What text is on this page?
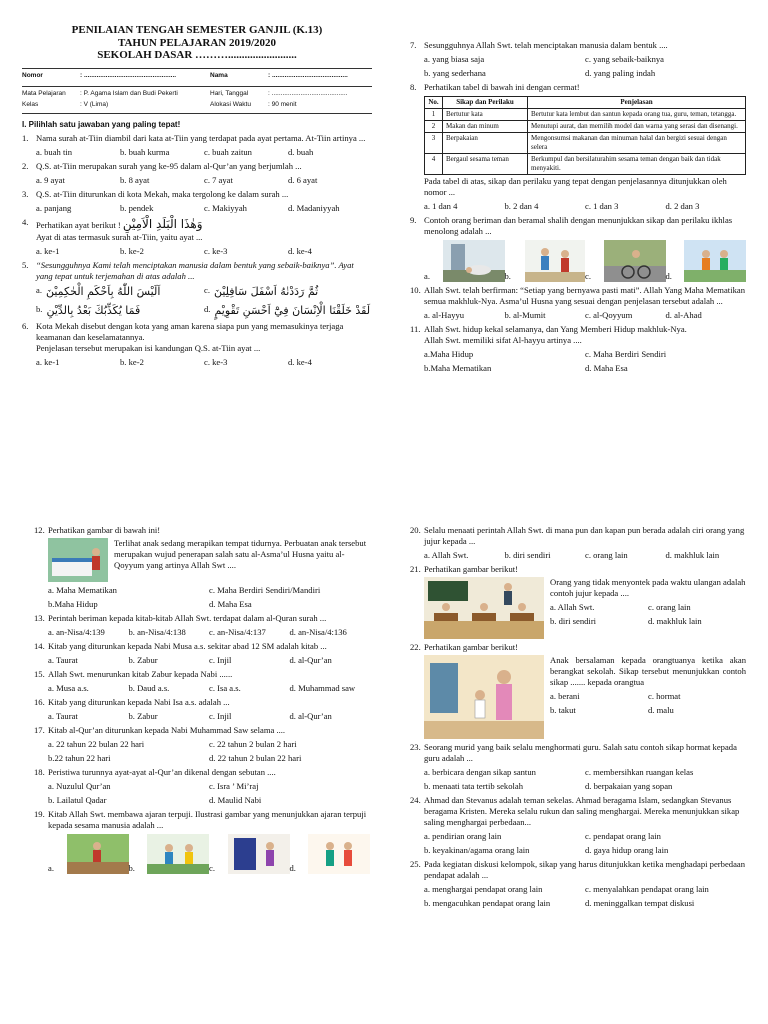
PENILAIAN TENGAH SEMESTER GANJIL (K.13)
TAHUN PELAJARAN 2019/2020
SEKOLAH DASAR ……….........................
Nomor	: ...................................................	Nama	: ..........................................
Mata Pelajaran	: P. Agama Islam dan Budi Pekerti	Hari, Tanggal	: ..........................................
Kelas	: V (Lima)	Alokasi Waktu	: 90 menit
I. Pilihlah satu jawaban yang paling tepat!
1. Nama surah at-Tiin diambil dari kata at-Tiin yang terdapat pada ayat pertama. At-Tiin artinya ...
a. buah tin	b. buah kurma	c. buah zaitun	d. buah
2. Q.S. at-Tiin merupakan surah yang ke-95 dalam al-Qur’an yang berjumlah ...
a. 9 ayat	b. 8 ayat	c. 7 ayat	d. 6 ayat
3. Q.S. at-Tiin diturunkan di kota Mekah, maka tergolong ke dalam surah ...
a. panjang	b. pendek	c. Makiyyah	d. Madaniyyah
4. Perhatikan ayat berikut ! وَهٰذَا الْبَلَدِ الْاَمِيْنِ
Ayat di atas termasuk surah at-Tiin, yaitu ayat ...
a. ke-1	b. ke-2	c. ke-3	d. ke-4
5. “Sesungguhnya Kami telah menciptakan manusia dalam bentuk yang sebaik-baiknya”. Ayat yang tepat untuk terjemahan di atas adalah ...
a. اَلَيْسَ اللّٰهُ بِاَحْكَمِ الْحٰكِمِيْنَ	c. ثُمَّ رَدَدْنٰهُ اَسْفَلَ سَافِلِيْنَ
b. فَمَا يُكَذِّبُكَ بَعْدُ بِالدِّيْنِ	d. لَقَدْ خَلَقْنَا الْاِنْسَانَ فِيْٓ اَحْسَنِ تَقْوِيْمٍ
6. Kota Mekah disebut dengan kota yang aman karena siapa pun yang memasukinya terjaga keamanan dan keselamatannya.
Penjelasan tersebut merupakan isi kandungan Q.S. at-Tiin ayat ...
a. ke-1	b. ke-2	c. ke-3	d. ke-4
7. Sesungguhnya Allah Swt. telah menciptakan manusia dalam bentuk ....
a. yang biasa saja	c. yang sebaik-baiknya
b. yang sederhana	d. yang paling indah
8. Perhatikan tabel di bawah ini dengan cermat!
No.	Sikap dan Perilaku	Penjelasan
1	Bertutur kata	Bertutur kata lembut dan santun kepada orang tua, guru, teman, tetangga.
2	Makan dan minum	Menutupi aurat, dan memilih model dan warna yang serasi dan disenangi.
3	Berpakaian	Mengonsumsi makanan dan minuman halal dan bergizi sesuai dengan selera
4	Bergaul sesama teman	Berkumpul dan bersilaturahim sesama teman dengan baik dan tidak menyakiti.
Pada tabel di atas, sikap dan perilaku yang tepat dengan penjelasannya ditunjukkan oleh nomor ...
a. 1 dan 4	b. 2 dan 4	c. 1 dan 3	d. 2 dan 3
9. Contoh orang beriman dan beramal shalih dengan menunjukkan sikap dan perilaku ikhlas menolong adalah ...
a.	b.	c.	d.
10. Allah Swt. telah berfirman: “Setiap yang bernyawa pasti mati”. Allah Yang Maha Mematikan semua makhluk-Nya. Asma’ul Husna yang sesuai dengan penjelasan tersebut adalah ...
a. al-Hayyu	b. al-Mumit	c. al-Qoyyum	d. al-Ahad
11. Allah Swt. hidup kekal selamanya, dan Yang Memberi Hidup makhluk-Nya.
Allah Swt. memiliki sifat Al-hayyu artinya ....
a.Maha Hidup	c. Maha Berdiri Sendiri
b.Maha Mematikan	d. Maha Esa
12. Perhatikan gambar di bawah ini!
Terlihat anak sedang merapikan tempat tidurnya. Perbuatan anak tersebut merupakan wujud penerapan salah satu al-Asma’ul Husna yaitu al-Qoyyum yang artinya Allah Swt ....
a. Maha Mematikan	c. Maha Berdiri Sendiri/Mandiri
b.Maha Hidup	d. Maha Esa
13. Perintah beriman kepada kitab-kitab Allah Swt. terdapat dalam al-Quran surah ...
a. an-Nisa/4:139	b. an-Nisa/4:138	c. an-Nisa/4:137	d. an-Nisa/4:136
14. Kitab yang diturunkan kepada Nabi Musa a.s. sekitar abad 12 SM adalah kitab ...
a. Taurat	b. Zabur	c. Injil	d. al-Qur’an
15. Allah Swt. menurunkan kitab Zabur kepada Nabi ......
a. Musa a.s.	b. Daud a.s.	c. Isa a.s.	d. Muhammad saw
16. Kitab yang diturunkan kepada Nabi Isa a.s. adalah ...
a. Taurat	b. Zabur	c. Injil	d. al-Qur’an
17. Kitab al-Qur’an diturunkan kepada Nabi Muhammad Saw selama ....
a. 22 tahun 22 bulan 22 hari	c. 22 tahun 2 bulan 2 hari
b.22 tahun 22 hari	d. 22 tahun 2 bulan 22 hari
18. Peristiwa turunnya ayat-ayat al-Qur’an dikenal dengan sebutan ....
a. Nuzulul Qur’an	c. Isra ’ Mi’raj
b. Lailatul Qadar	d. Maulid Nabi
19. Kitab Allah Swt. membawa ajaran terpuji. Ilustrasi gambar yang menunjukkan ajaran terpuji kepada sesama manusia adalah ...
a.	b.	c.	d.
20. Selalu menaati perintah Allah Swt. di mana pun dan kapan pun berada adalah ciri orang yang jujur kepada ...
a. Allah Swt.	b. diri sendiri	c. orang lain	d. makhluk lain
21. Perhatikan gambar berikut!
Orang yang tidak menyontek pada waktu ulangan adalah contoh jujur kepada ....
a. Allah Swt.	c. orang lain
b. diri sendiri	d. makhluk lain
22. Perhatikan gambar berikut!
Anak bersalaman kepada orangtuanya ketika akan berangkat sekolah. Sikap tersebut menunjukkan contoh sikap ....... kepada orangtua
a. berani	c. hormat
b. takut	d. malu
23. Seorang murid yang baik selalu menghormati guru. Salah satu contoh sikap hormat kepada guru adalah ...
a. berbicara dengan sikap santun	c. membersihkan ruangan kelas
b. menaati tata tertib sekolah	d. berpakaian yang sopan
24. Ahmad dan Stevanus adalah teman sekelas. Ahmad beragama Islam, sedangkan Stevanus beragama Kristen. Mereka selalu rukun dan saling menghargai. Mereka menunjukkan sikap saling menghargai perbedaan...
a. pendirian orang lain	c. pendapat orang lain
b. keyakinan/agama orang lain	d. gaya hidup orang lain
25. Pada kegiatan diskusi kelompok, sikap yang harus ditunjukkan ketika menghadapi perbedaan pendapat adalah ...
a. menghargai pendapat orang lain	c. menyalahkan pendapat orang lain
b. mengacuhkan pendapat orang lain	d. meninggalkan tempat diskusi
